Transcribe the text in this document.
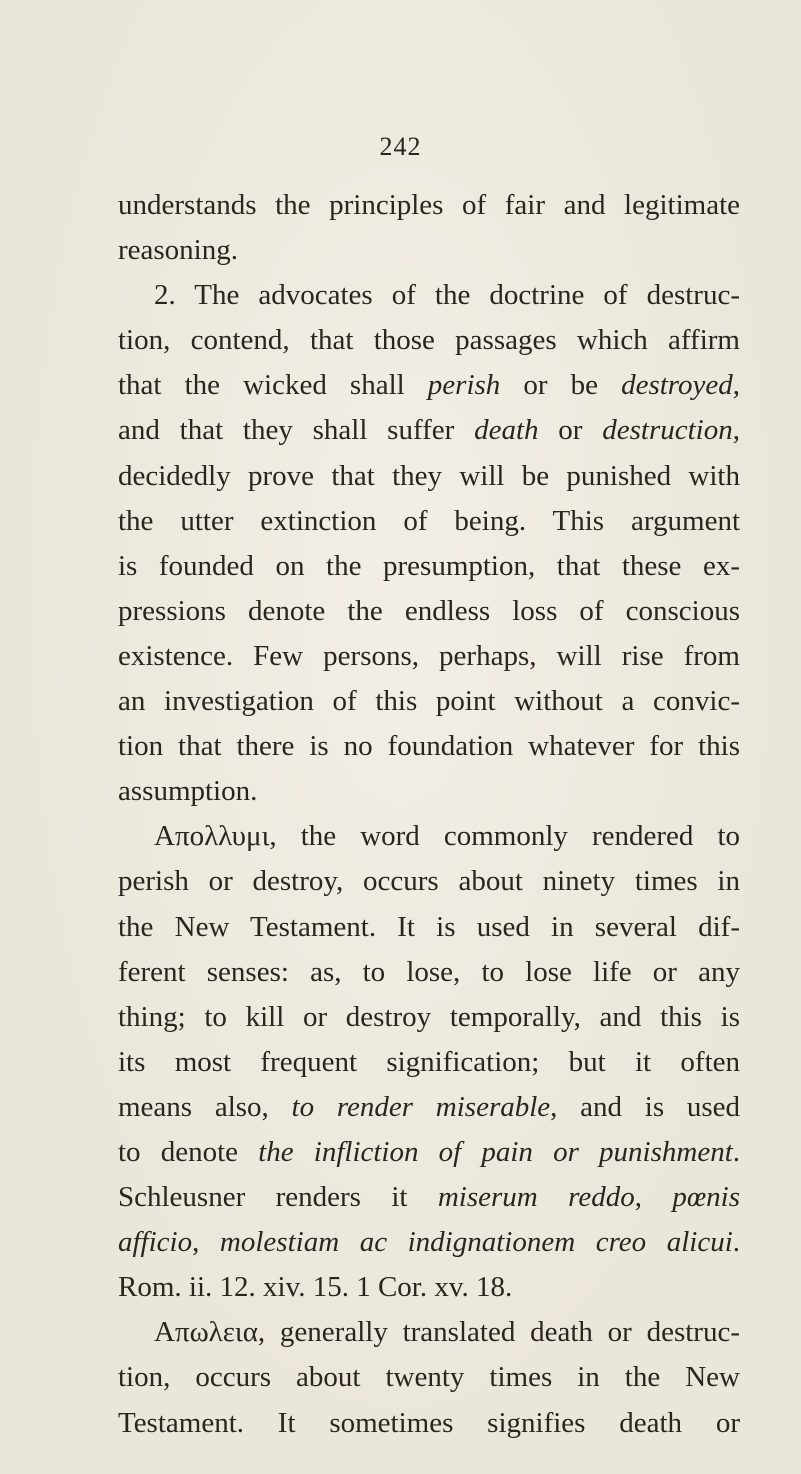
242
understands the principles of fair and legitimate
reasoning.
2. The advocates of the doctrine of destruc-
tion, contend, that those passages which affirm
that the wicked shall perish or be destroyed,
and that they shall suffer death or destruction,
decidedly prove that they will be punished with
the utter extinction of being. This argument
is founded on the presumption, that these ex-
pressions denote the endless loss of conscious
existence. Few persons, perhaps, will rise from
an investigation of this point without a convic-
tion that there is no foundation whatever for this
assumption.
Απολλυμι, the word commonly rendered to
perish or destroy, occurs about ninety times in
the New Testament. It is used in several dif-
ferent senses: as, to lose, to lose life or any
thing; to kill or destroy temporally, and this is
its most frequent signification; but it often
means also, to render miserable, and is used
to denote the infliction of pain or punishment.
Schleusner renders it miserum reddo, pœnis
afficio, molestiam ac indignationem creo alicui.
Rom. ii. 12. xiv. 15. 1 Cor. xv. 18.
Απωλεια, generally translated death or destruc-
tion, occurs about twenty times in the New
Testament. It sometimes signifies death or
